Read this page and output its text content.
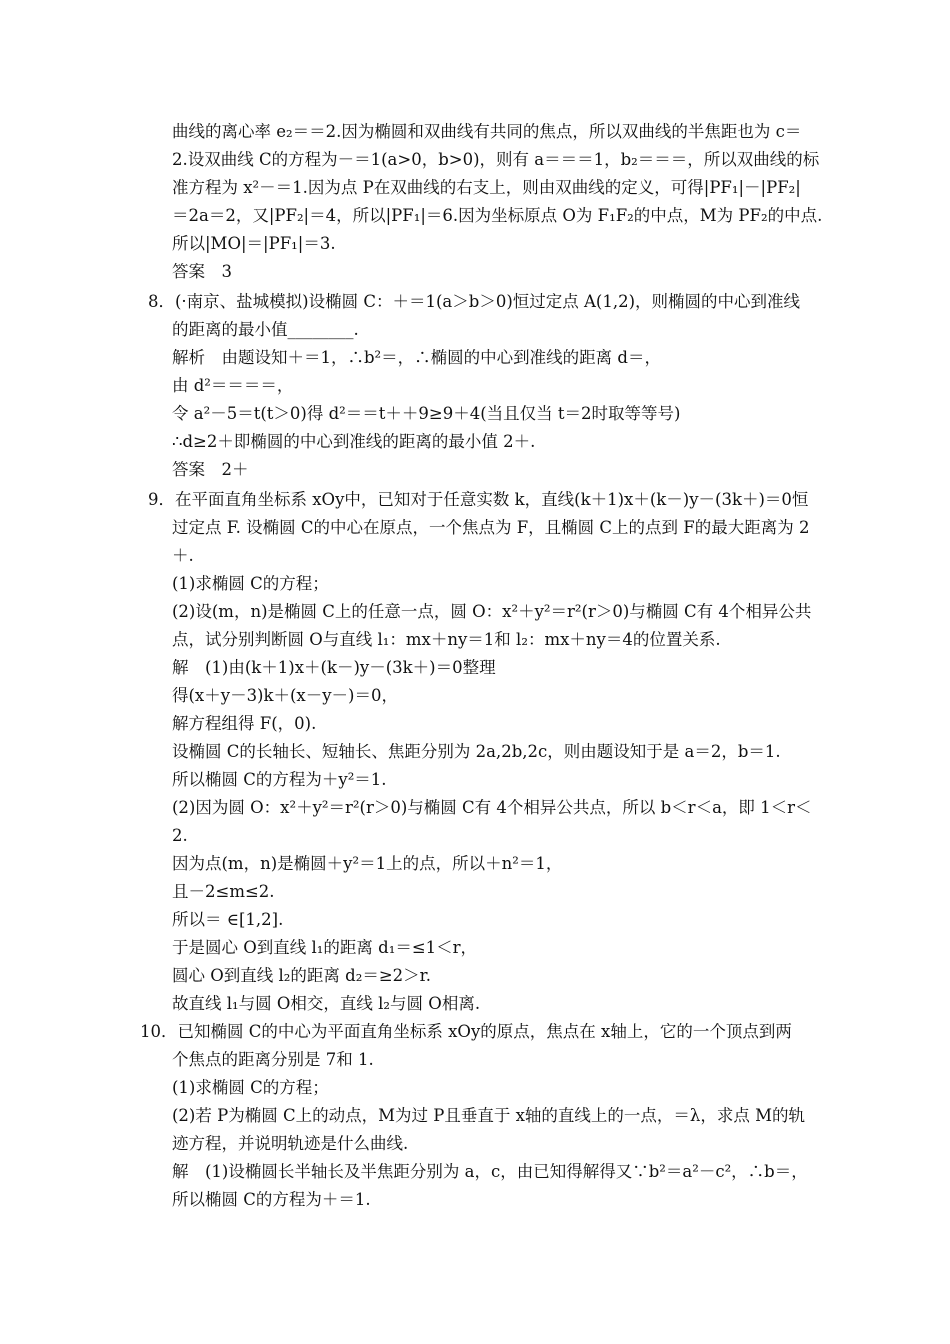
曲线的离心率 e₂＝＝2.因为椭圆和双曲线有共同的焦点，所以双曲线的半焦距也为 c＝
2.设双曲线 C的方程为－＝1(a>0，b>0)，则有 a＝＝＝1，b₂＝＝＝，所以双曲线的标
准方程为 x²－＝1.因为点 P在双曲线的右支上，则由双曲线的定义，可得|PF₁|－|PF₂|
＝2a＝2，又|PF₂|＝4，所以|PF₁|＝6.因为坐标原点 O为 F₁F₂的中点，M为 PF₂的中点.
所以|MO|＝|PF₁|＝3.
答案　3
8．(·南京、盐城模拟)设椭圆 C：＋＝1(a＞b＞0)恒过定点 A(1,2)，则椭圆的中心到准线
的距离的最小值________.
解析　由题设知＋＝1，∴b²＝，∴椭圆的中心到准线的距离 d＝，
由 d²＝＝＝＝，
令 a²－5＝t(t＞0)得 d²＝＝t＋＋9≥9＋4(当且仅当 t＝2时取等等号)
∴d≥2＋即椭圆的中心到准线的距离的最小值 2＋.
答案　2＋
9．在平面直角坐标系 xOy中，已知对于任意实数 k，直线(k＋1)x＋(k－)y－(3k＋)＝0恒
过定点 F. 设椭圆 C的中心在原点，一个焦点为 F，且椭圆 C上的点到 F的最大距离为 2
＋.
(1)求椭圆 C的方程；
(2)设(m，n)是椭圆 C上的任意一点，圆 O：x²＋y²＝r²(r＞0)与椭圆 C有 4个相异公共
点，试分别判断圆 O与直线 l₁：mx＋ny＝1和 l₂：mx＋ny＝4的位置关系.
解　(1)由(k＋1)x＋(k－)y－(3k＋)＝0整理
得(x＋y－3)k＋(x－y－)＝0，
解方程组得 F(，0).
设椭圆 C的长轴长、短轴长、焦距分别为 2a,2b,2c，则由题设知于是 a＝2，b＝1.
所以椭圆 C的方程为＋y²＝1.
(2)因为圆 O：x²＋y²＝r²(r＞0)与椭圆 C有 4个相异公共点，所以 b＜r＜a，即 1＜r＜
2.
因为点(m，n)是椭圆＋y²＝1上的点，所以＋n²＝1，
且－2≤m≤2.
所以＝ ∈[1,2].
于是圆心 O到直线 l₁的距离 d₁＝≤1＜r，
圆心 O到直线 l₂的距离 d₂＝≥2＞r.
故直线 l₁与圆 O相交，直线 l₂与圆 O相离.
10．已知椭圆 C的中心为平面直角坐标系 xOy的原点，焦点在 x轴上，它的一个顶点到两
个焦点的距离分别是 7和 1.
(1)求椭圆 C的方程；
(2)若 P为椭圆 C上的动点，M为过 P且垂直于 x轴的直线上的一点，＝λ，求点 M的轨
迹方程，并说明轨迹是什么曲线.
解　(1)设椭圆长半轴长及半焦距分别为 a，c，由已知得解得又∵b²＝a²－c²，∴b＝，
所以椭圆 C的方程为＋＝1.
